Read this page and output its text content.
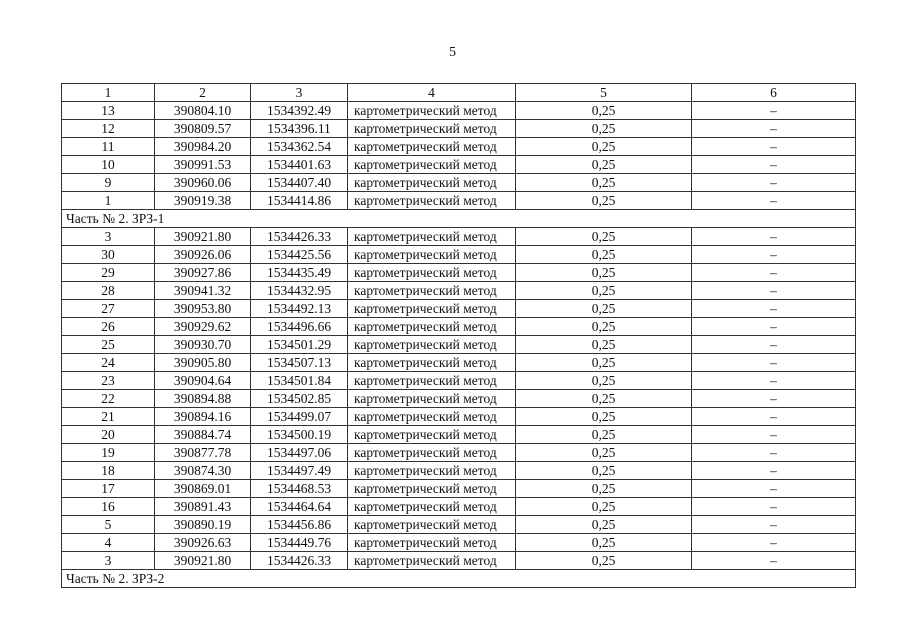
5
1	2	3	4	5	6
13	390804.10	1534392.49	картометрический метод	0,25	–
12	390809.57	1534396.11	картометрический метод	0,25	–
11	390984.20	1534362.54	картометрический метод	0,25	–
10	390991.53	1534401.63	картометрический метод	0,25	–
9	390960.06	1534407.40	картометрический метод	0,25	–
1	390919.38	1534414.86	картометрический метод	0,25	–
Часть № 2. ЗРЗ-1					
3	390921.80	1534426.33	картометрический метод	0,25	–
30	390926.06	1534425.56	картометрический метод	0,25	–
29	390927.86	1534435.49	картометрический метод	0,25	–
28	390941.32	1534432.95	картометрический метод	0,25	–
27	390953.80	1534492.13	картометрический метод	0,25	–
26	390929.62	1534496.66	картометрический метод	0,25	–
25	390930.70	1534501.29	картометрический метод	0,25	–
24	390905.80	1534507.13	картометрический метод	0,25	–
23	390904.64	1534501.84	картометрический метод	0,25	–
22	390894.88	1534502.85	картометрический метод	0,25	–
21	390894.16	1534499.07	картометрический метод	0,25	–
20	390884.74	1534500.19	картометрический метод	0,25	–
19	390877.78	1534497.06	картометрический метод	0,25	–
18	390874.30	1534497.49	картометрический метод	0,25	–
17	390869.01	1534468.53	картометрический метод	0,25	–
16	390891.43	1534464.64	картометрический метод	0,25	–
5	390890.19	1534456.86	картометрический метод	0,25	–
4	390926.63	1534449.76	картометрический метод	0,25	–
3	390921.80	1534426.33	картометрический метод	0,25	–
Часть № 2. ЗРЗ-2					
